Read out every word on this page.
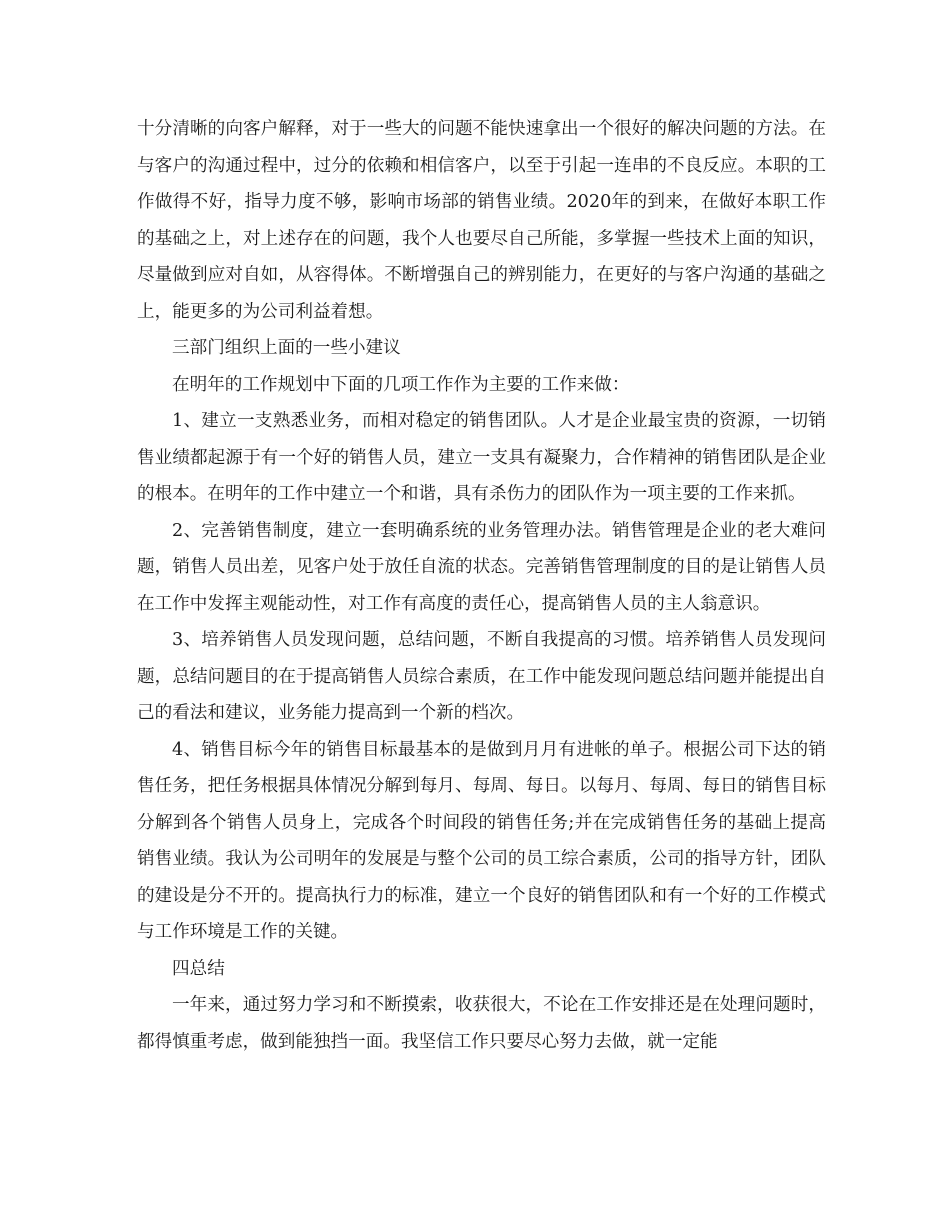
十分清晰的向客户解释，对于一些大的问题不能快速拿出一个很好的解决问题的方法。在与客户的沟通过程中，过分的依赖和相信客户，以至于引起一连串的不良反应。本职的工作做得不好，指导力度不够，影响市场部的销售业绩。2020年的到来，在做好本职工作的基础之上，对上述存在的问题，我个人也要尽自己所能，多掌握一些技术上面的知识，尽量做到应对自如，从容得体。不断增强自己的辨别能力，在更好的与客户沟通的基础之上，能更多的为公司利益着想。

三部门组织上面的一些小建议

在明年的工作规划中下面的几项工作作为主要的工作来做：

1、建立一支熟悉业务，而相对稳定的销售团队。人才是企业最宝贵的资源，一切销售业绩都起源于有一个好的销售人员，建立一支具有凝聚力，合作精神的销售团队是企业的根本。在明年的工作中建立一个和谐，具有杀伤力的团队作为一项主要的工作来抓。

2、完善销售制度，建立一套明确系统的业务管理办法。销售管理是企业的老大难问题，销售人员出差，见客户处于放任自流的状态。完善销售管理制度的目的是让销售人员在工作中发挥主观能动性，对工作有高度的责任心，提高销售人员的主人翁意识。

3、培养销售人员发现问题，总结问题，不断自我提高的习惯。培养销售人员发现问题，总结问题目的在于提高销售人员综合素质，在工作中能发现问题总结问题并能提出自己的看法和建议，业务能力提高到一个新的档次。

4、销售目标今年的销售目标最基本的是做到月月有进帐的单子。根据公司下达的销售任务，把任务根据具体情况分解到每月、每周、每日。以每月、每周、每日的销售目标分解到各个销售人员身上，完成各个时间段的销售任务;并在完成销售任务的基础上提高销售业绩。我认为公司明年的发展是与整个公司的员工综合素质，公司的指导方针，团队的建设是分不开的。提高执行力的标准，建立一个良好的销售团队和有一个好的工作模式与工作环境是工作的关键。

四总结

一年来，通过努力学习和不断摸索，收获很大，不论在工作安排还是在处理问题时，都得慎重考虑，做到能独挡一面。我坚信工作只要尽心努力去做，就一定能
